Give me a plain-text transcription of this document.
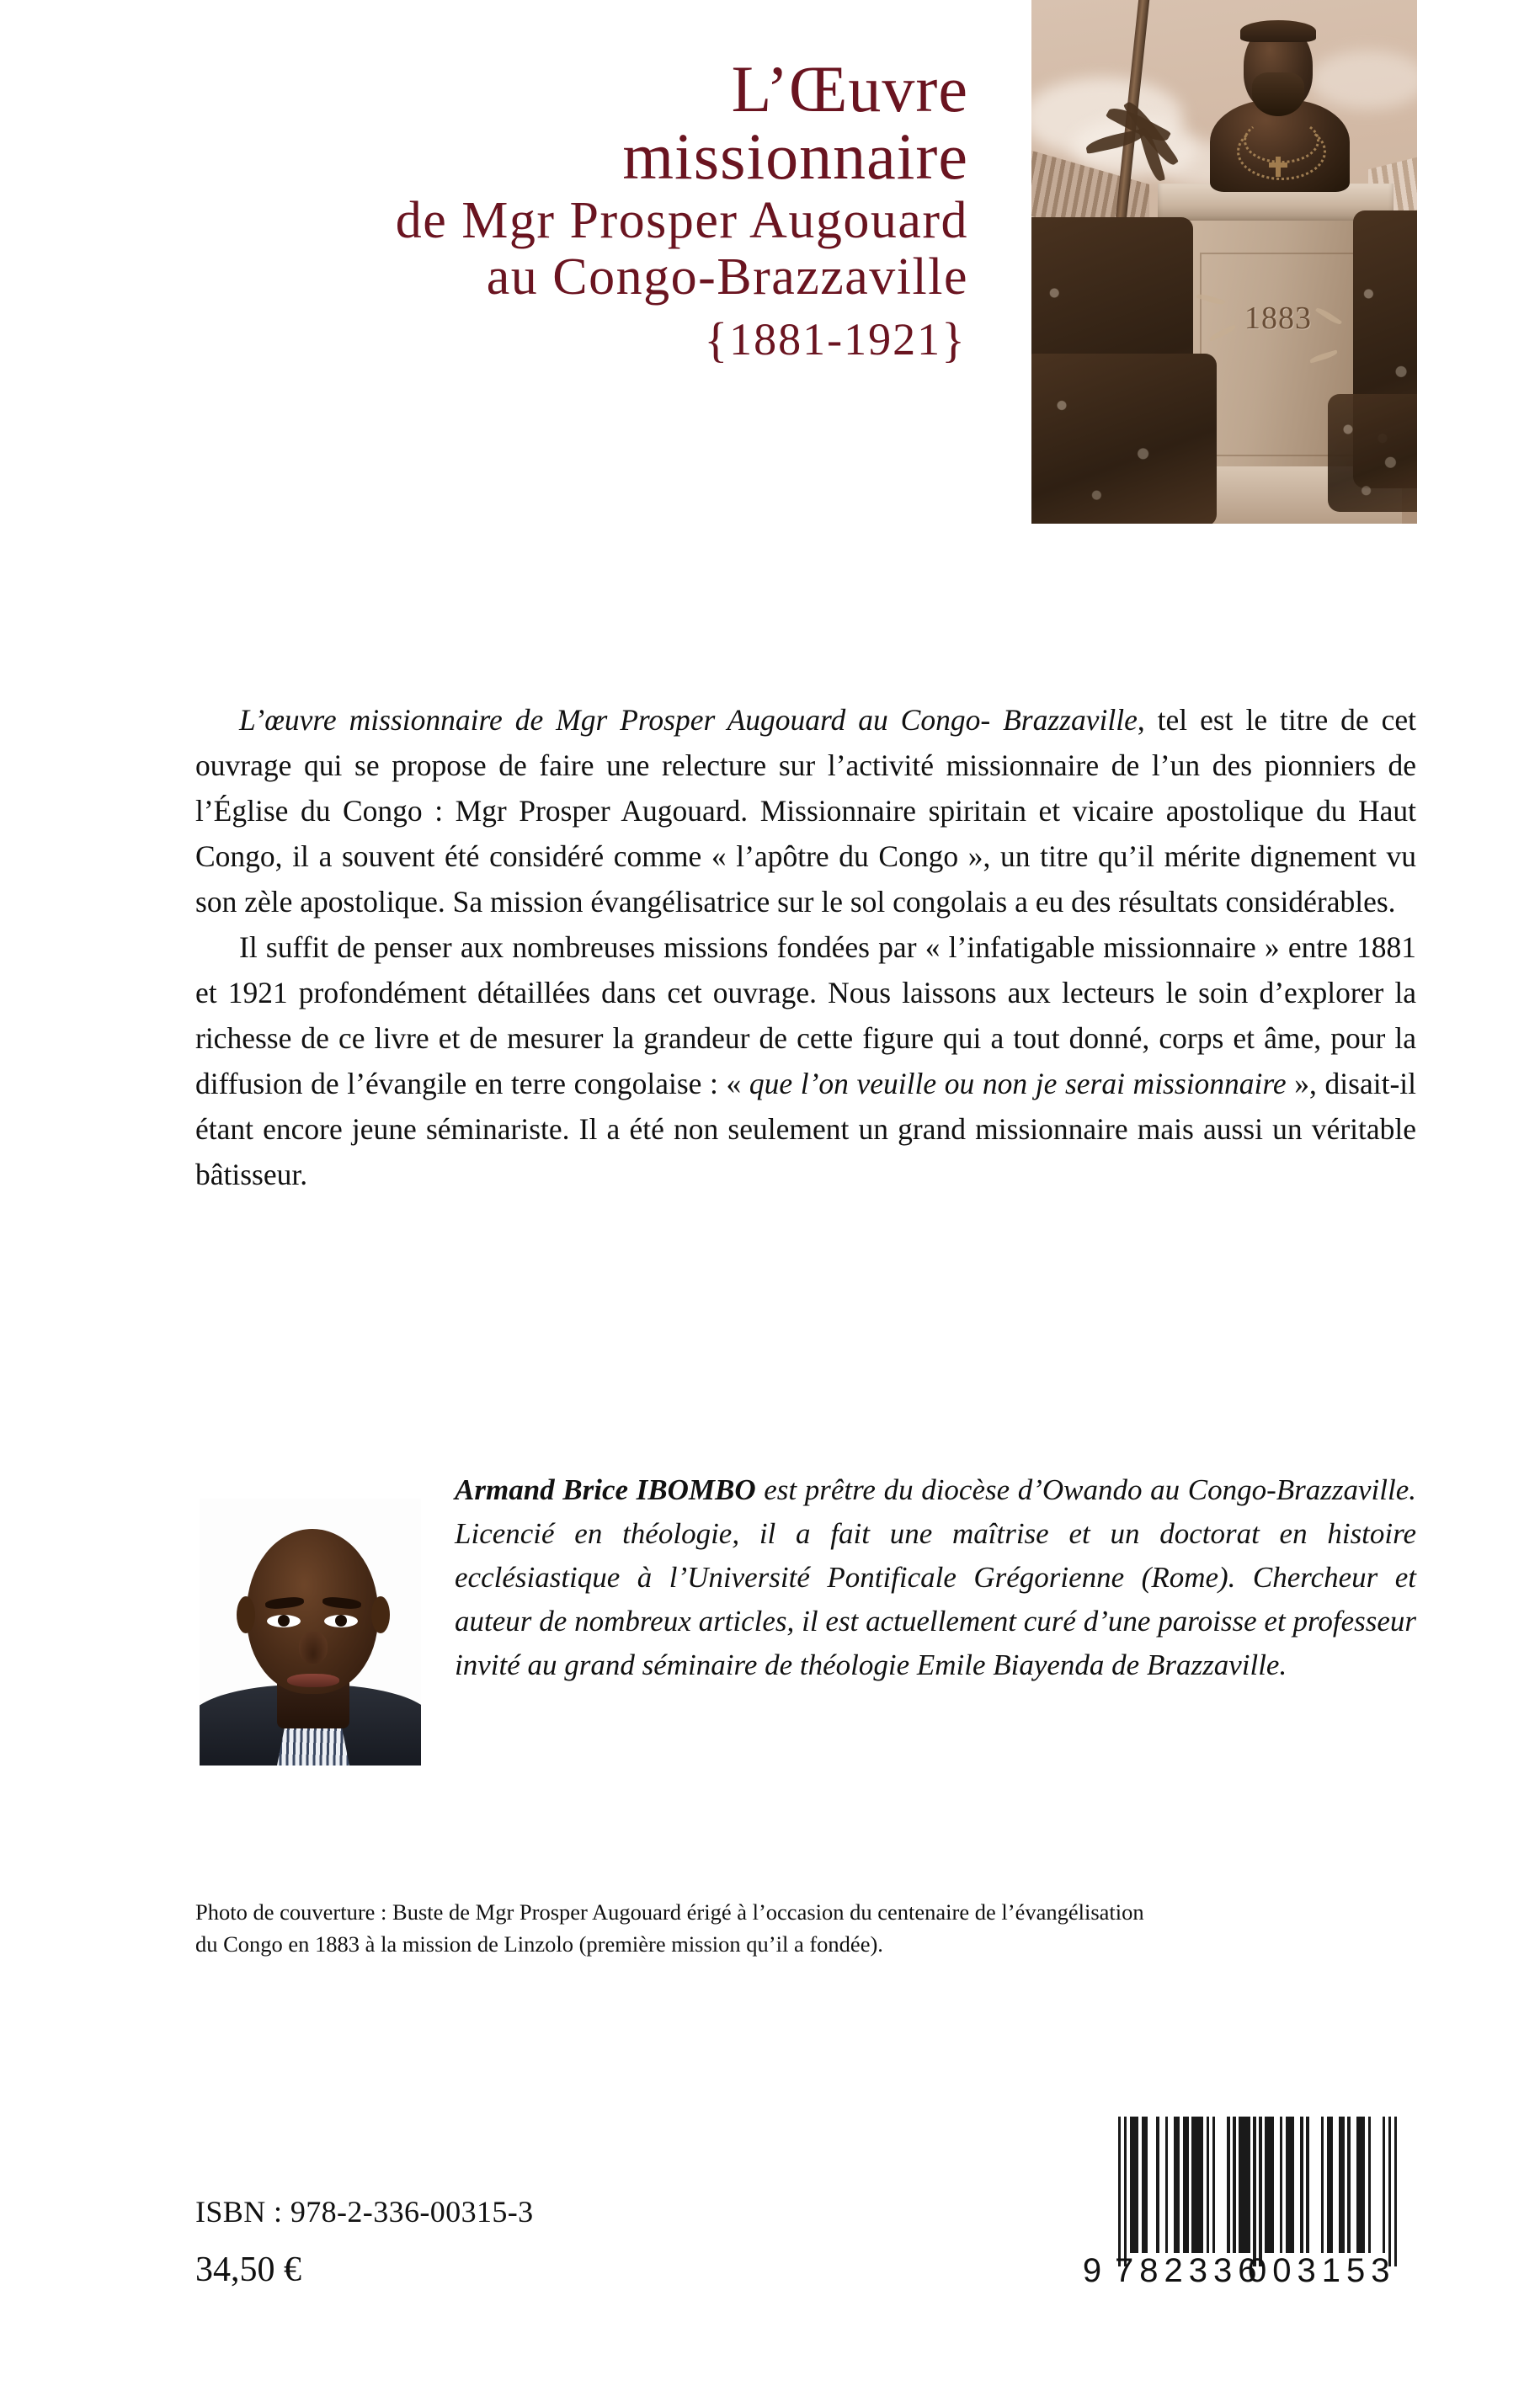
1883
L’Œuvre
missionnaire
de Mgr Prosper Augouard
au Congo-Brazzaville
{1881-1921}

L’œuvre missionnaire de Mgr Prosper Augouard au Congo- Brazzaville, tel est le titre de cet ouvrage qui se propose de faire une relecture sur l’activité missionnaire de l’un des pionniers de l’Église du Congo : Mgr Prosper Augouard. Missionnaire spiritain et vicaire apostolique du Haut Congo, il a souvent été considéré comme « l’apôtre du Congo », un titre qu’il mérite dignement vu son zèle apostolique. Sa mission évangélisatrice sur le sol congolais a eu des résultats considérables.

Il suffit de penser aux nombreuses missions fondées par « l’infatigable missionnaire » entre 1881 et 1921 profondément détaillées dans cet ouvrage. Nous laissons aux lecteurs le soin d’explorer la richesse de ce livre et de mesurer la grandeur de cette figure qui a tout donné, corps et âme, pour la diffusion de l’évangile en terre congolaise : « que l’on veuille ou non je serai missionnaire », disait-il étant encore jeune séminariste. Il a été non seulement un grand missionnaire mais aussi un véritable bâtisseur.

Armand Brice IBOMBO est prêtre du diocèse d’Owando au Congo-Brazzaville. Licencié en théologie, il a fait une maîtrise et un doctorat en histoire ecclésiastique à l’Université Pontificale Grégorienne (Rome). Chercheur et auteur de nombreux articles, il est actuellement curé d’une paroisse et professeur invité au grand séminaire de théologie Emile Biayenda de Brazzaville.

Photo de couverture : Buste de Mgr Prosper Augouard érigé à l’occasion du centenaire de l’évangélisation

du Congo en 1883 à la mission de Linzolo (première mission qu’il a fondée).

ISBN : 978-2-336-00315-3
34,50 €	9 782336
003153
